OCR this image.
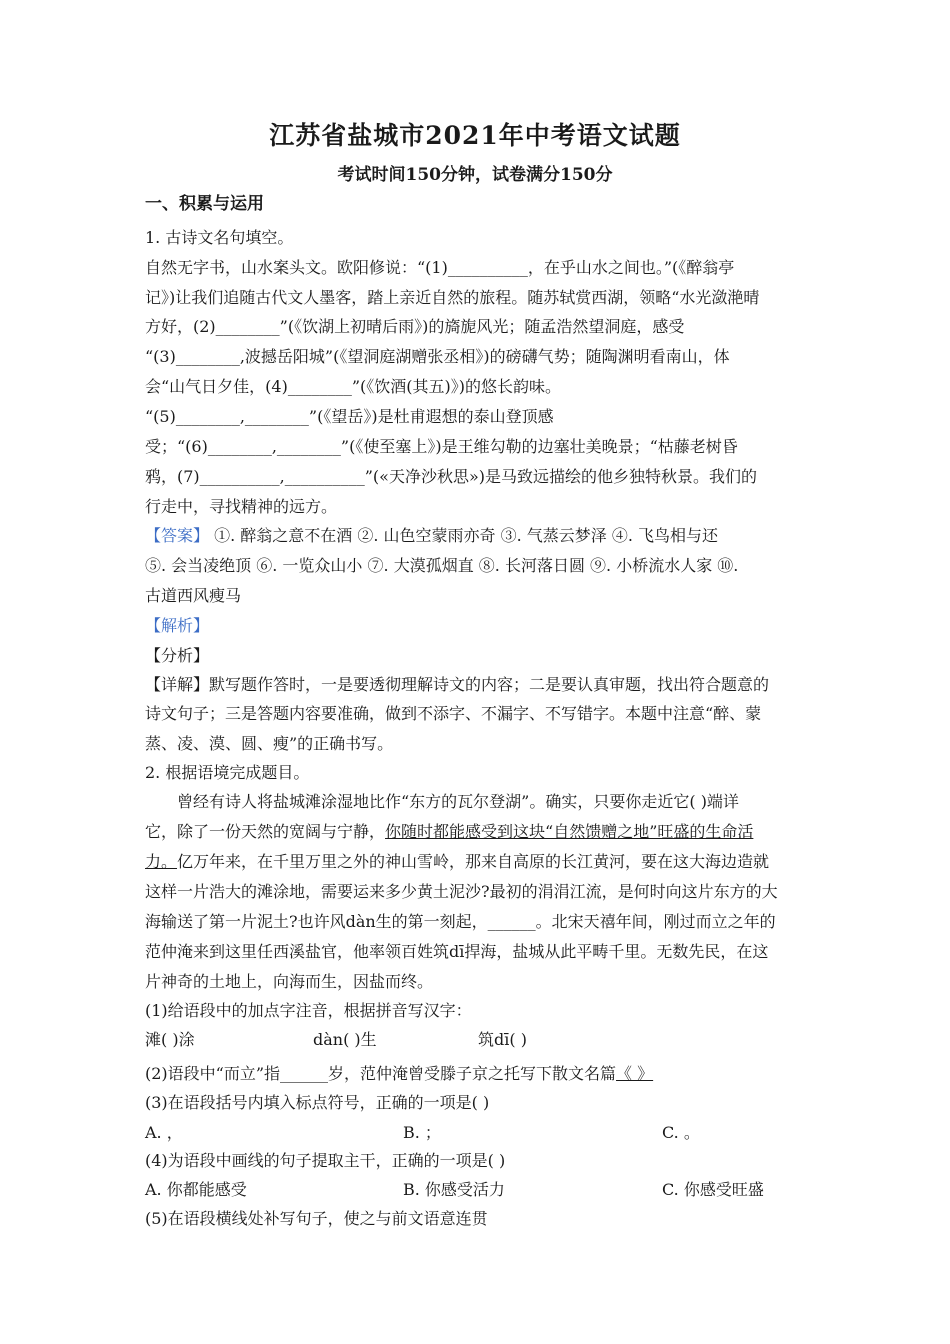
江苏省盐城市2021年中考语文试题
考试时间150分钟，试卷满分150分
一、积累与运用
1. 古诗文名句填空。
自然无字书，山水案头文。欧阳修说：“(1)__________，在乎山水之间也。”(《醉翁亭
记》)让我们追随古代文人墨客，踏上亲近自然的旅程。随苏轼赏西湖，领略“水光潋滟晴
方好，(2)________”(《饮湖上初晴后雨》)的旖旎风光；随孟浩然望洞庭，感受
“(3)________,波撼岳阳城”(《望洞庭湖赠张丞相》)的磅礴气势；随陶渊明看南山，体
会“山气日夕佳，(4)________”(《饮酒(其五)》)的悠长韵味。
“(5)________,________”(《望岳》)是杜甫遐想的泰山登顶感
受；“(6)________,________”(《使至塞上》)是王维勾勒的边塞壮美晚景；“枯藤老树昏
鸦，(7)__________,__________”(«天净沙秋思»)是马致远描绘的他乡独特秋景。我们的
行走中，寻找精神的远方。
【答案】 ①. 醉翁之意不在酒 ②. 山色空蒙雨亦奇 ③. 气蒸云梦泽 ④. 飞鸟相与还
⑤. 会当凌绝顶 ⑥. 一览众山小 ⑦. 大漠孤烟直 ⑧. 长河落日圆 ⑨. 小桥流水人家 ⑩.
古道西风瘦马
【解析】
【分析】
【详解】默写题作答时，一是要透彻理解诗文的内容；二是要认真审题，找出符合题意的
诗文句子；三是答题内容要准确，做到不添字、不漏字、不写错字。本题中注意“醉、蒙
蒸、凌、漠、圆、瘦”的正确书写。
2. 根据语境完成题目。
曾经有诗人将盐城滩涂湿地比作“东方的瓦尔登湖”。确实，只要你走近它( )端详
它，除了一份天然的宽阔与宁静，你随时都能感受到这块“自然馈赠之地”旺盛的生命活
力。亿万年来，在千里万里之外的神山雪岭，那来自高原的长江黄河，要在这大海边造就
这样一片浩大的滩涂地，需要运来多少黄土泥沙?最初的涓涓江流，是何时向这片东方的大
海输送了第一片泥土?也许风dàn生的第一刻起，______。北宋天禧年间，刚过而立之年的
范仲淹来到这里任西溪盐官，他率领百姓筑dī捍海，盐城从此平畴千里。无数先民，在这
片神奇的土地上，向海而生，因盐而终。
(1)给语段中的加点字注音，根据拼音写汉字：
滩( )涂	dàn( )生	筑dī( )
(2)语段中“而立”指______岁，范仲淹曾受滕子京之托写下散文名篇《 》
(3)在语段括号内填入标点符号，正确的一项是( )
A. ，	B. ；	C. 。
(4)为语段中画线的句子提取主干，正确的一项是( )
A. 你都能感受	B. 你感受活力	C. 你感受旺盛
(5)在语段横线处补写句子，使之与前文语意连贯
